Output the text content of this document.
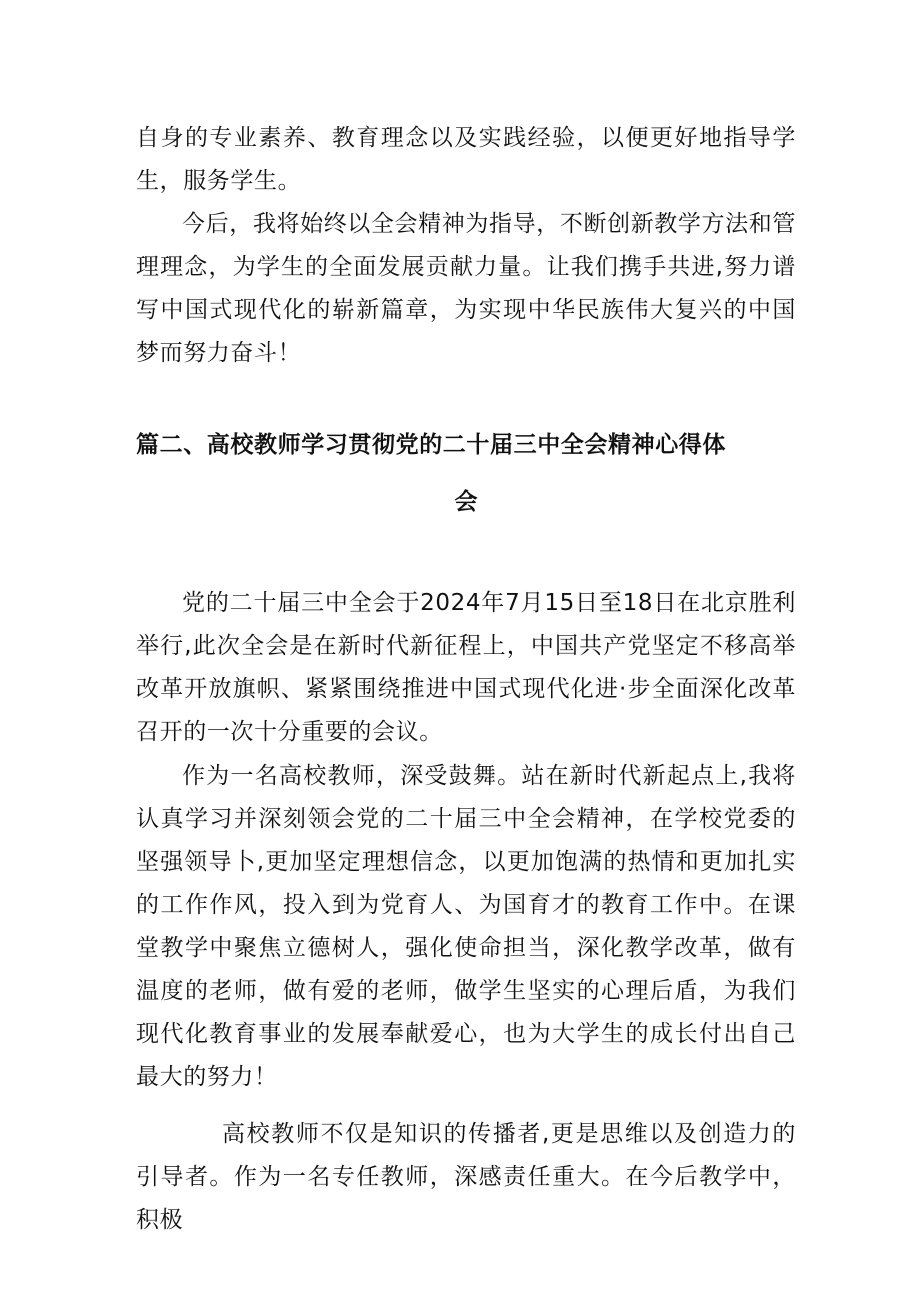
自身的专业素养、教育理念以及实践经验，以便更好地指导学生，服务学生。

今后，我将始终以全会精神为指导，不断创新教学方法和管理理念，为学生的全面发展贡献力量。让我们携手共进,努力谱写中国式现代化的崭新篇章，为实现中华民族伟大复兴的中国梦而努力奋斗！

篇二、高校教师学习贯彻党的二十届三中全会精神心得体
会

党的二十届三中全会于2024年7月15日至18日在北京胜利举行,此次全会是在新时代新征程上，中国共产党坚定不移高举改革开放旗帜、紧紧围绕推进中国式现代化进·步全面深化改革召开的一次十分重要的会议。

作为一名高校教师，深受鼓舞。站在新时代新起点上,我将认真学习并深刻领会党的二十届三中全会精神，在学校党委的坚强领导卜,更加坚定理想信念，以更加饱满的热情和更加扎实的工作作风，投入到为党育人、为国育才的教育工作中。在课堂教学中聚焦立德树人，强化使命担当，深化教学改革，做有温度的老师，做有爱的老师，做学生坚实的心理后盾，为我们现代化教育事业的发展奉献爱心，也为大学生的成长付出自己最大的努力！

高校教师不仅是知识的传播者,更是思维以及创造力的引导者。作为一名专任教师，深感责任重大。在今后教学中，积极
